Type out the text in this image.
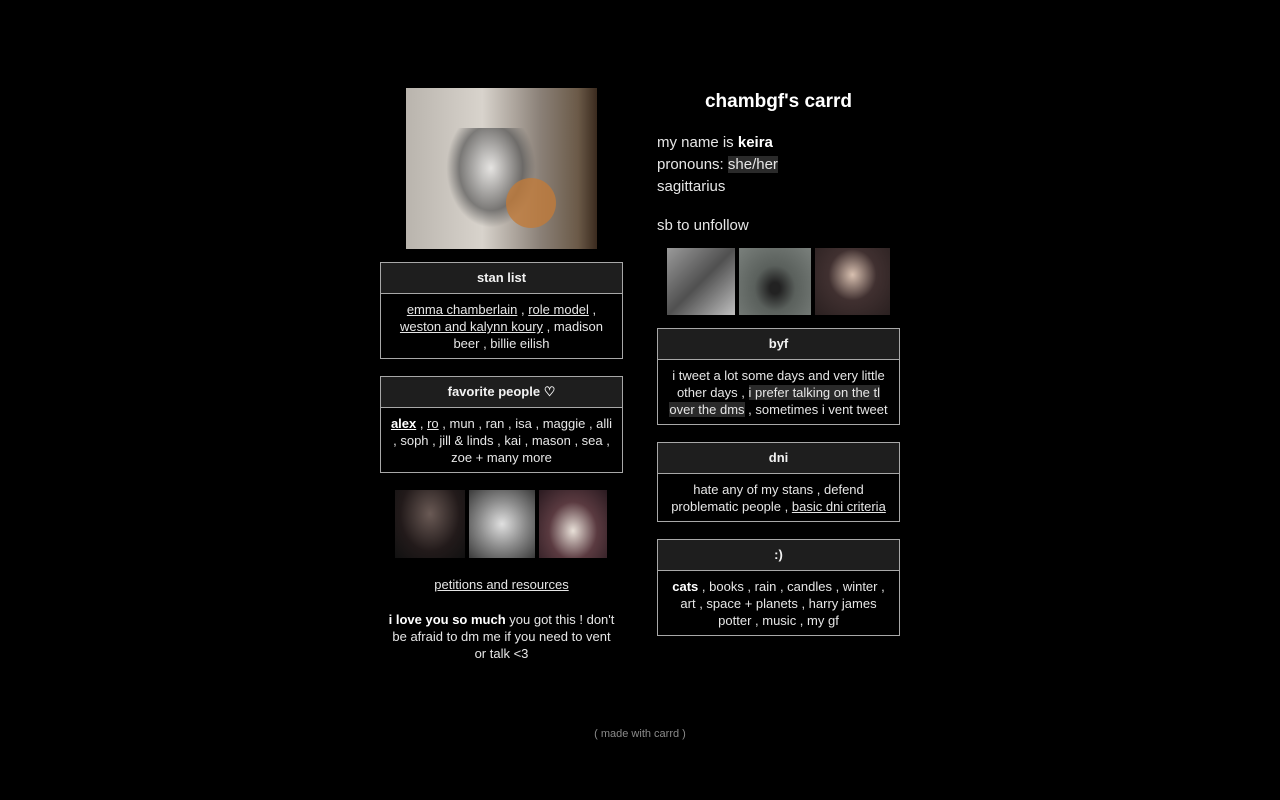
stan list
emma chamberlain , role model , weston and kalynn koury , madison beer , billie eilish
favorite people ♡
alex , ro , mun , ran , isa , maggie , alli , soph , jill & linds , kai , mason , sea , zoe + many more
petitions and resources
i love you so much you got this ! don't be afraid to dm me if you need to vent or talk <3
chambgf's carrd
my name is keira
pronouns: she/her
sagittarius
sb to unfollow
byf
i tweet a lot some days and very little other days , i prefer talking on the tl over the dms , sometimes i vent tweet
dni
hate any of my stans , defend problematic people , basic dni criteria
:)
cats , books , rain , candles , winter , art , space + planets , harry james potter , music , my gf
( made with carrd )
